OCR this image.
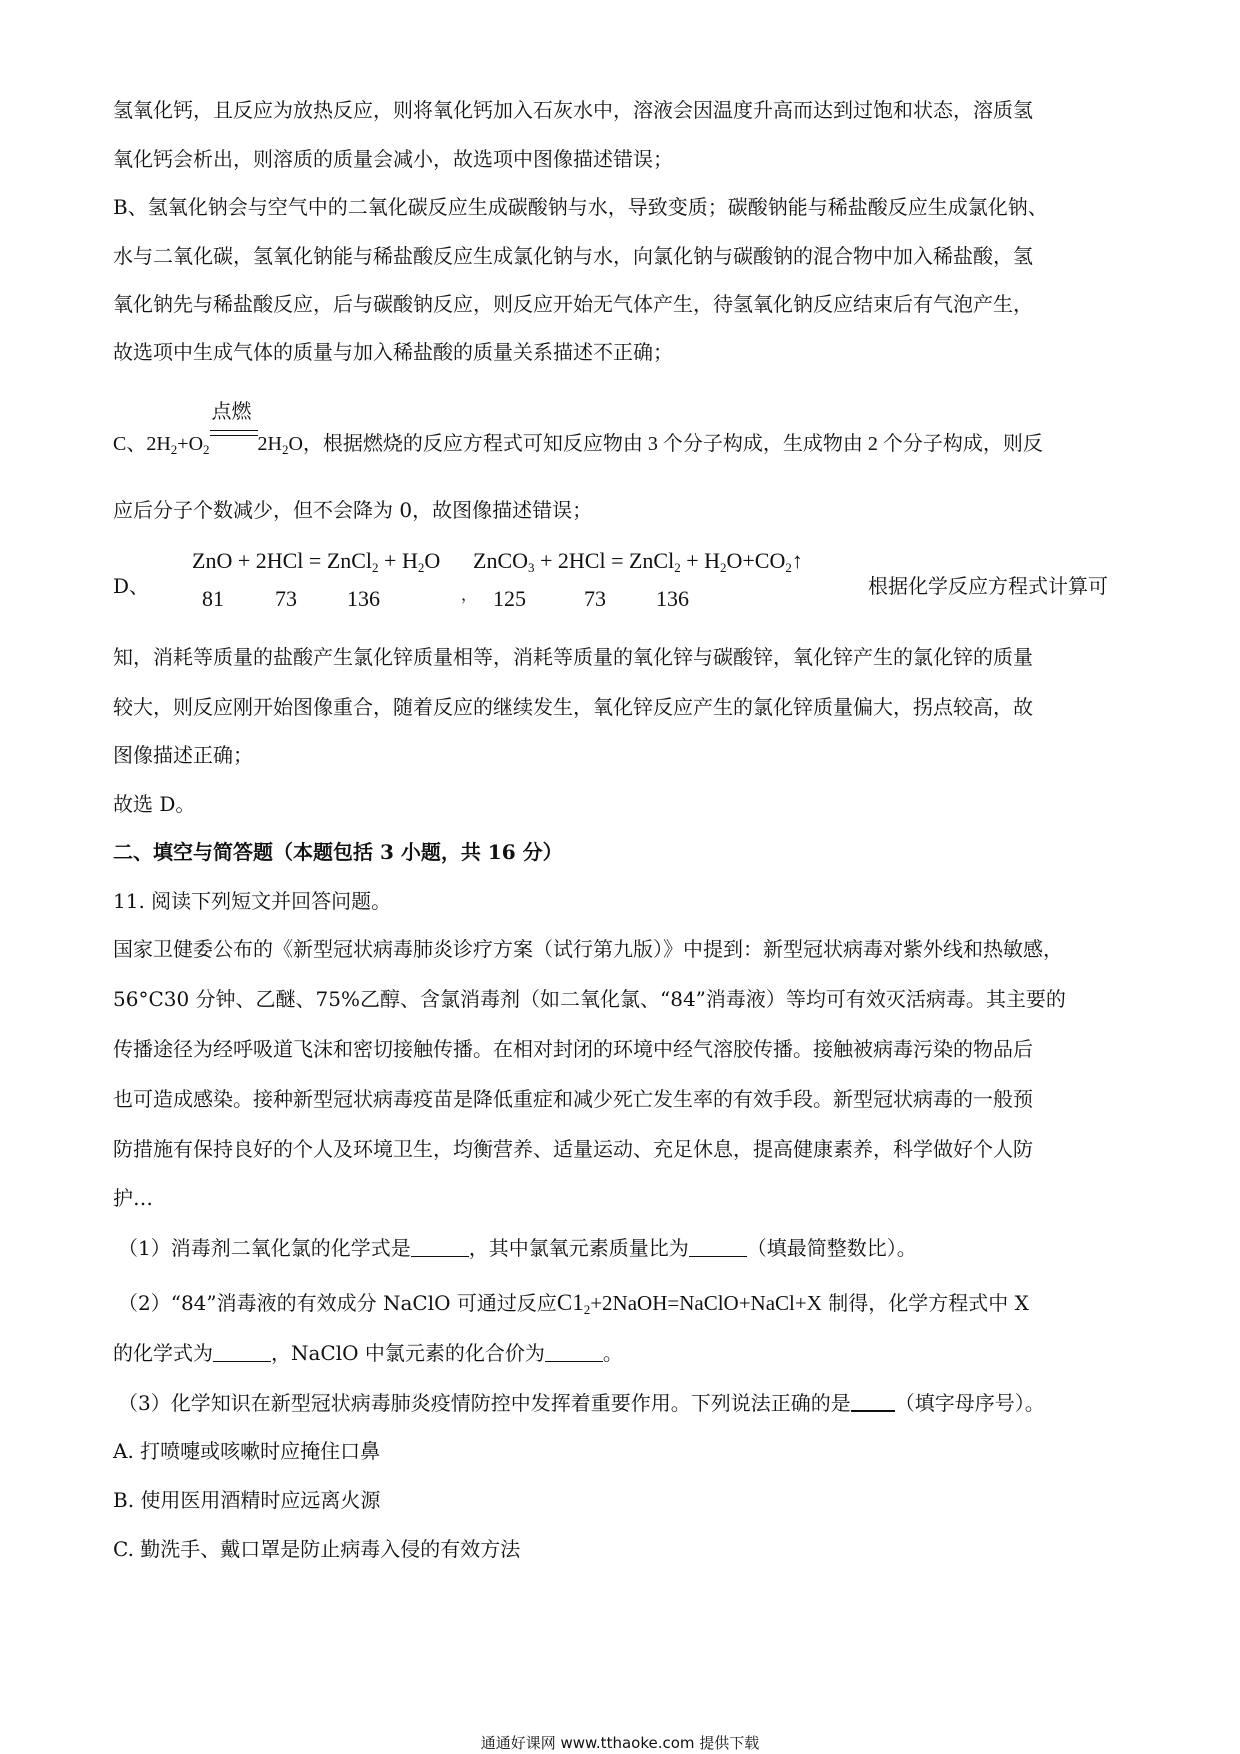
氢氧化钙，且反应为放热反应，则将氧化钙加入石灰水中，溶液会因温度升高而达到过饱和状态，溶质氢
氧化钙会析出，则溶质的质量会减小，故选项中图像描述错误；
B、氢氧化钠会与空气中的二氧化碳反应生成碳酸钠与水，导致变质；碳酸钠能与稀盐酸反应生成氯化钠、
水与二氧化碳，氢氧化钠能与稀盐酸反应生成氯化钠与水，向氯化钠与碳酸钠的混合物中加入稀盐酸，氢
氧化钠先与稀盐酸反应，后与碳酸钠反应，则反应开始无气体产生，待氢氧化钠反应结束后有气泡产生，
故选项中生成气体的质量与加入稀盐酸的质量关系描述不正确；
C、$2H_2+O_2$
点燃
$2H_2O$，根据燃烧的反应方程式可知反应物由 3 个分子构成，生成物由 2 个分子构成，则反
应后分子个数减少，但不会降为 0，故图像描述错误；
D、
ZnO + 2HCl = ZnCl$_2$ + $H_2O$
81 73 136	，
ZnCO$_3$ + 2HCl = ZnCl$_2$ + $H_2O+CO_2↑$
125	73 136	根据化学反应方程式计算可
知，消耗等质量的盐酸产生氯化锌质量相等，消耗等质量的氧化锌与碳酸锌，氧化锌产生的氯化锌的质量
较大，则反应刚开始图像重合，随着反应的继续发生，氧化锌反应产生的氯化锌质量偏大，拐点较高，故
图像描述正确；
故选 D。
二、填空与简答题（本题包括 3 小题，共 16 分）
11. 阅读下列短文并回答问题。
国家卫健委公布的《新型冠状病毒肺炎诊疗方案（试行第九版）》中提到：新型冠状病毒对紫外线和热敏感，
56°C30 分钟、乙醚、75%乙醇、含氯消毒剂（如二氧化氯、“84”消毒液）等均可有效灭活病毒。其主要的
传播途径为经呼吸道飞沫和密切接触传播。在相对封闭的环境中经气溶胶传播。接触被病毒污染的物品后
也可造成感染。接种新型冠状病毒疫苗是降低重症和减少死亡发生率的有效手段。新型冠状病毒的一般预
防措施有保持良好的个人及环境卫生，均衡营养、适量运动、充足休息，提高健康素养，科学做好个人防
护…
（1）消毒剂二氧化氯的化学式是	，其中氯氧元素质量比为	（填最简整数比）。
（2）“84”消毒液的有效成分 NaClO 可通过反应$C1_2+2NaOH=NaClO+NaCl+X$ 制得，化学方程式中 X
的化学式为	，NaClO 中氯元素的化合价为	。
（3）化学知识在新型冠状病毒肺炎疫情防控中发挥着重要作用。下列说法正确的是 （填字母序号）。
A. 打喷嚏或咳嗽时应掩住口鼻
B. 使用医用酒精时应远离火源
C. 勤洗手、戴口罩是防止病毒入侵的有效方法
通通好课网 www.tthaoke.com 提供下载
